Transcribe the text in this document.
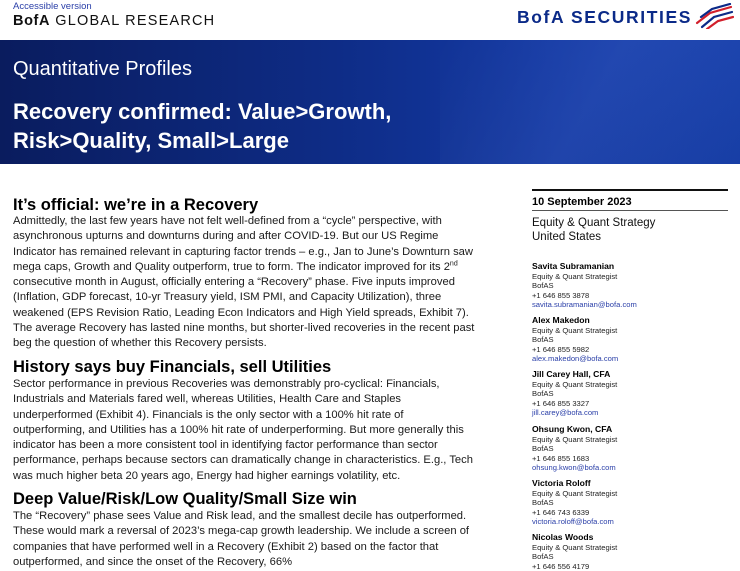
Accessible version
BofA GLOBAL RESEARCH	BofA SECURITIES
Quantitative Profiles
Recovery confirmed: Value>Growth,
Risk>Quality, Small>Large
It’s official: we’re in a Recovery

Admittedly, the last few years have not felt well-defined from a “cycle” perspective, with asynchronous upturns and downturns during and after COVID-19. But our US Regime Indicator has remained relevant in capturing factor trends – e.g., Jan to June’s Downturn saw mega caps, Growth and Quality outperform, true to form. The indicator improved for its 2nd consecutive month in August, officially entering a “Recovery” phase. Five inputs improved (Inflation, GDP forecast, 10-yr Treasury yield, ISM PMI, and Capacity Utilization), three weakened (EPS Revision Ratio, Leading Econ Indicators and High Yield spreads, Exhibit 7). The average Recovery has lasted nine months, but shorter-lived recoveries in the recent past beg the question of whether this Recovery persists.

History says buy Financials, sell Utilities

Sector performance in previous Recoveries was demonstrably pro-cyclical: Financials, Industrials and Materials fared well, whereas Utilities, Health Care and Staples underperformed (Exhibit 4). Financials is the only sector with a 100% hit rate of outperforming, and Utilities has a 100% hit rate of underperforming. But more generally this indicator has been a more consistent tool in identifying factor performance than sector performance, perhaps because sectors can dramatically change in characteristics. E.g., Tech was much higher beta 20 years ago, Energy had higher earnings volatility, etc.

Deep Value/Risk/Low Quality/Small Size win

The “Recovery” phase sees Value and Risk lead, and the smallest decile has outperformed. These would mark a reversal of 2023’s mega-cap growth leadership. We include a screen of companies that have performed well in a Recovery (Exhibit 2) based on the factor that outperformed, and since the onset of the Recovery, 66%

10 September 2023
Equity & Quant Strategy
United States
Savita Subramanian
Equity & Quant Strategist
BofAS
+1 646 855 3878
savita.subramanian@bofa.com
Alex Makedon
Equity & Quant Strategist
BofAS
+1 646 855 5982
alex.makedon@bofa.com
Jill Carey Hall, CFA
Equity & Quant Strategist
BofAS
+1 646 855 3327
jill.carey@bofa.com
Ohsung Kwon, CFA
Equity & Quant Strategist
BofAS
+1 646 855 1683
ohsung.kwon@bofa.com
Victoria Roloff
Equity & Quant Strategist
BofAS
+1 646 743 6339
victoria.roloff@bofa.com
Nicolas Woods
Equity & Quant Strategist
BofAS
+1 646 556 4179
